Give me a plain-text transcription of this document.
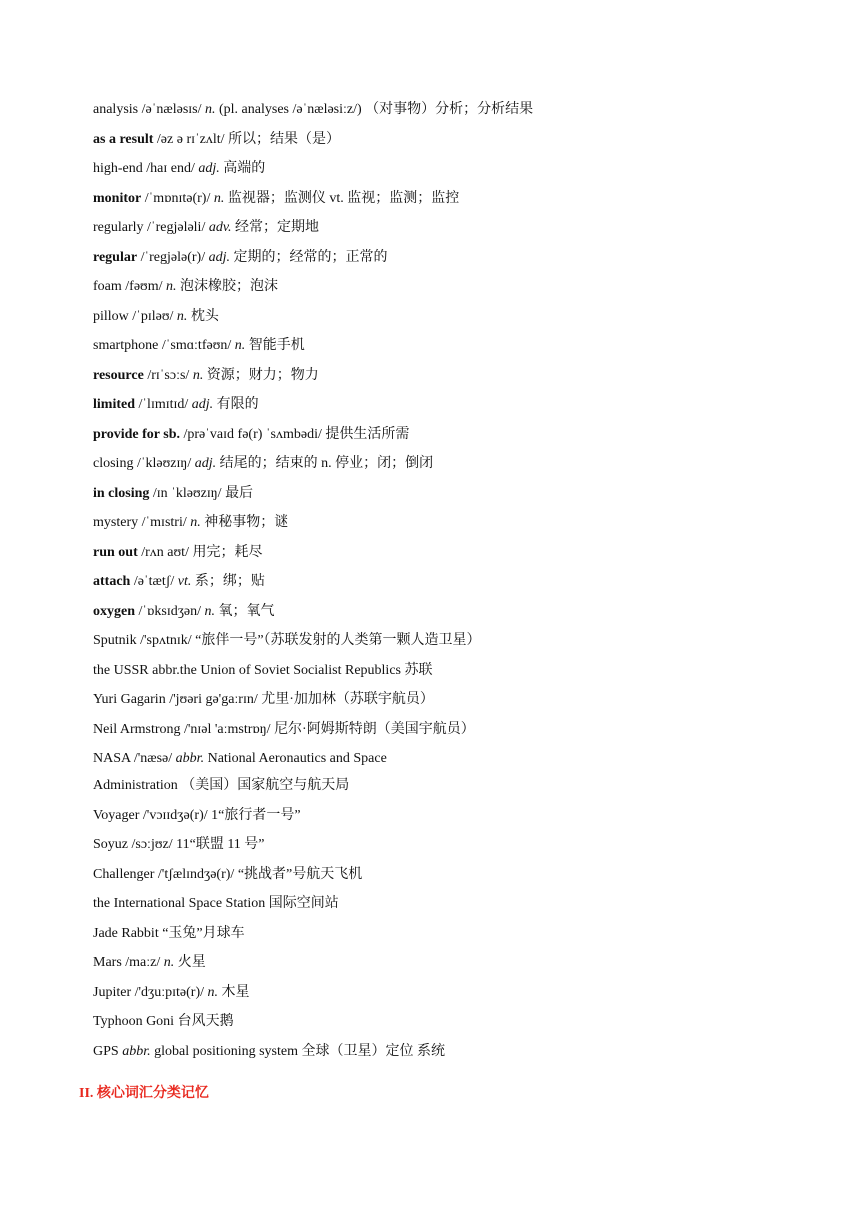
analysis /əˈnæləsɪs/ n. (pl. analyses /əˈnæləsiːz/) （对事物）分析；分析结果
as a result /əz ə rɪˈzʌlt/ 所以；结果（是）
high-end /haɪ end/ adj. 高端的
monitor /ˈmɒnɪtə(r)/ n. 监视器；监测仪 vt. 监视；监测；监控
regularly /ˈregjələli/ adv. 经常；定期地
regular /ˈregjələ(r)/ adj. 定期的；经常的；正常的
foam /fəʊm/ n. 泡沫橡胶；泡沫
pillow /ˈpɪləʊ/ n. 枕头
smartphone /ˈsmɑːtfəʊn/ n. 智能手机
resource /rɪˈsɔːs/ n. 资源；财力；物力
limited /ˈlɪmɪtɪd/ adj. 有限的
provide for sb. /prəˈvaɪd fə(r) ˈsʌmbədi/ 提供生活所需
closing /ˈkləʊzɪŋ/ adj. 结尾的；结束的 n. 停业；闭；倒闭
in closing /ɪn ˈkləʊzɪŋ/ 最后
mystery /ˈmɪstri/ n. 神秘事物；谜
run out /rʌn aʊt/ 用完；耗尽
attach /əˈtætʃ/ vt. 系；绑；贴
oxygen /ˈɒksɪdʒən/ n. 氧；氧气
Sputnik /'spʌtnɪk/ “旅伴一号”（苏联发射的人类第一颗人造卫星）
the USSR abbr.the Union of Soviet Socialist Republics 苏联
Yuri Gagarin /'jʊəri gə'gaːrɪn/ 尤里·加加林（苏联宇航员）
Neil Armstrong /'nɪəl 'aːmstrɒŋ/ 尼尔·阿姆斯特朗（美国宇航员）
NASA /'næsə/ abbr. National Aeronautics and Space
Administration （美国）国家航空与航天局
Voyager /'vɔɪɪdʒə(r)/ 1“旅行者一号”
Soyuz /sɔːjʊz/ 11“联盟 11 号”
Challenger /'tʃælɪndʒə(r)/ “挑战者”号航天飞机
the International Space Station 国际空间站
Jade Rabbit “玉兔”月球车
Mars /maːz/ n. 火星
Jupiter /'dʒuːpɪtə(r)/ n. 木星
Typhoon Goni 台风天鹅
GPS abbr. global positioning system 全球（卫星）定位 系统
II. 核心词汇分类记忆
